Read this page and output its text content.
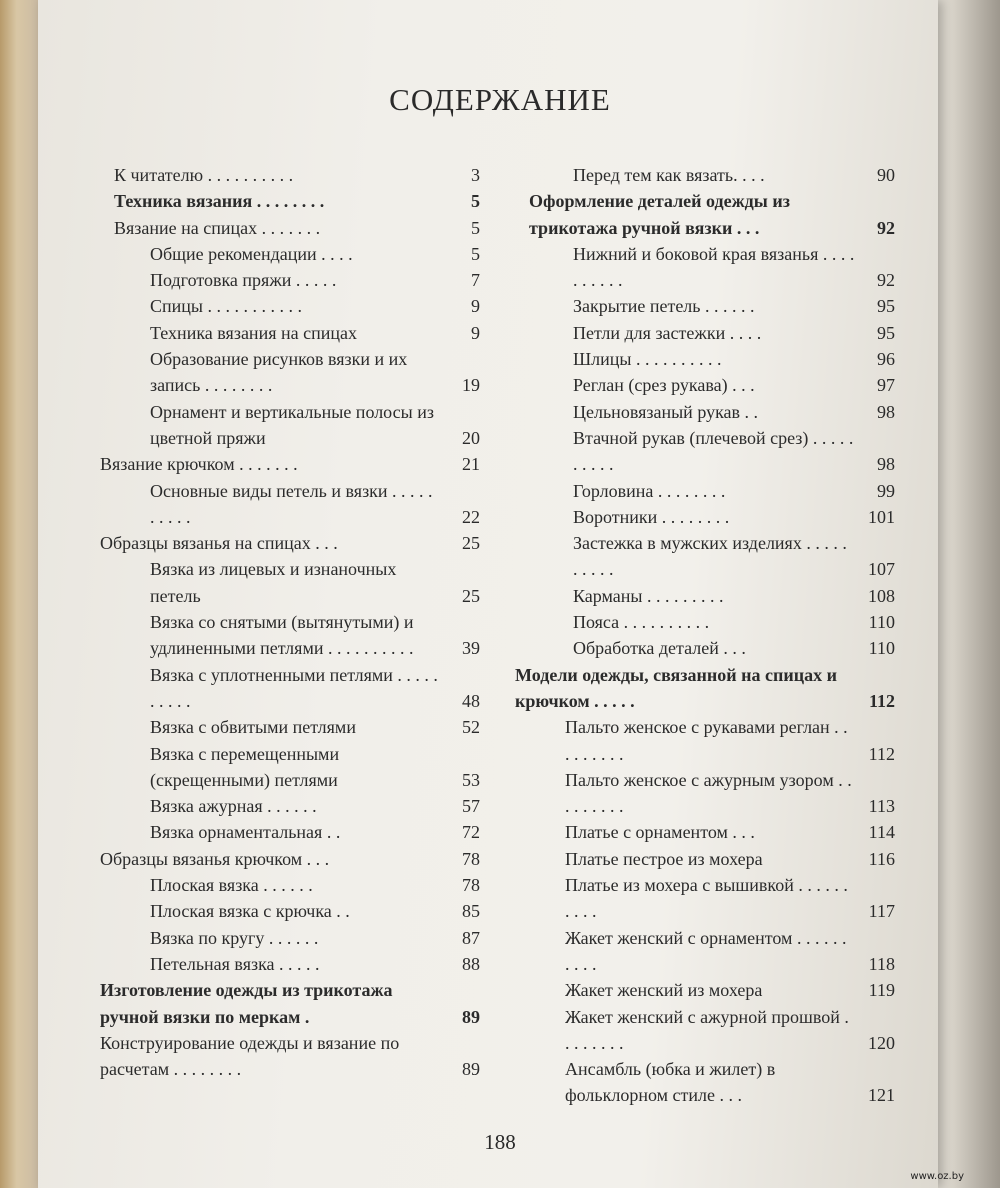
СОДЕРЖАНИЕ
К читателю . . . . . . . . . .	3
Техника вязания . . . . . . . .	5
Вязание на спицах . . . . . . .	5
Общие рекомендации . . . .	5
Подготовка пряжи . . . . .	7
Спицы . . . . . . . . . . .	9
Техника вязания на спицах	9
Образование рисунков вязки и их запись . . . . . . . .	19
Орнамент и вертикальные полосы из цветной пряжи	20
Вязание крючком . . . . . . .	21
Основные виды петель и вязки . . . . . . . . . .	22
Образцы вязанья на спицах . . .	25
Вязка из лицевых и изнаночных петель	25
Вязка со снятыми (вытянутыми) и удлиненными петлями . . . . . . . . . .	39
Вязка с уплотненными петлями . . . . . . . . . .	48
Вязка с обвитыми петлями	52
Вязка с перемещенными (скрещенными) петлями	53
Вязка ажурная . . . . . .	57
Вязка орнаментальная . .	72
Образцы вязанья крючком . . .	78
Плоская вязка . . . . . .	78
Плоская вязка с крючка . .	85
Вязка по кругу . . . . . .	87
Петельная вязка . . . . .	88
Изготовление одежды из трикотажа ручной вязки по меркам .	89
Конструирование одежды и вязание по расчетам . . . . . . . .	89
Перед тем как вязать. . . .	90
Оформление деталей одежды из трикотажа ручной вязки . . .	92
Нижний и боковой края вязанья . . . . . . . . . .	92
Закрытие петель . . . . . .	95
Петли для застежки . . . .	95
Шлицы . . . . . . . . . .	96
Реглан (срез рукава) . . .	97
Цельновязаный рукав . .	98
Втачной рукав (плечевой срез) . . . . . . . . . .	98
Горловина . . . . . . . .	99
Воротники . . . . . . . .	101
Застежка в мужских изделиях . . . . . . . . . .	107
Карманы . . . . . . . . .	108
Пояса . . . . . . . . . .	110
Обработка деталей . . .	110
Модели одежды, связанной на спицах и крючком . . . . .	112
Пальто женское с рукавами реглан . . . . . . . . .	112
Пальто женское с ажурным узором . . . . . . . . .	113
Платье с орнаментом . . .	114
Платье пестрое из мохера	116
Платье из мохера с вышивкой . . . . . . . . . .	117
Жакет женский с орнаментом . . . . . . . . . .	118
Жакет женский из мохера	119
Жакет женский с ажурной прошвой . . . . . . . .	120
Ансамбль (юбка и жилет) в фольклорном стиле . . .	121
188
www.oz.by
